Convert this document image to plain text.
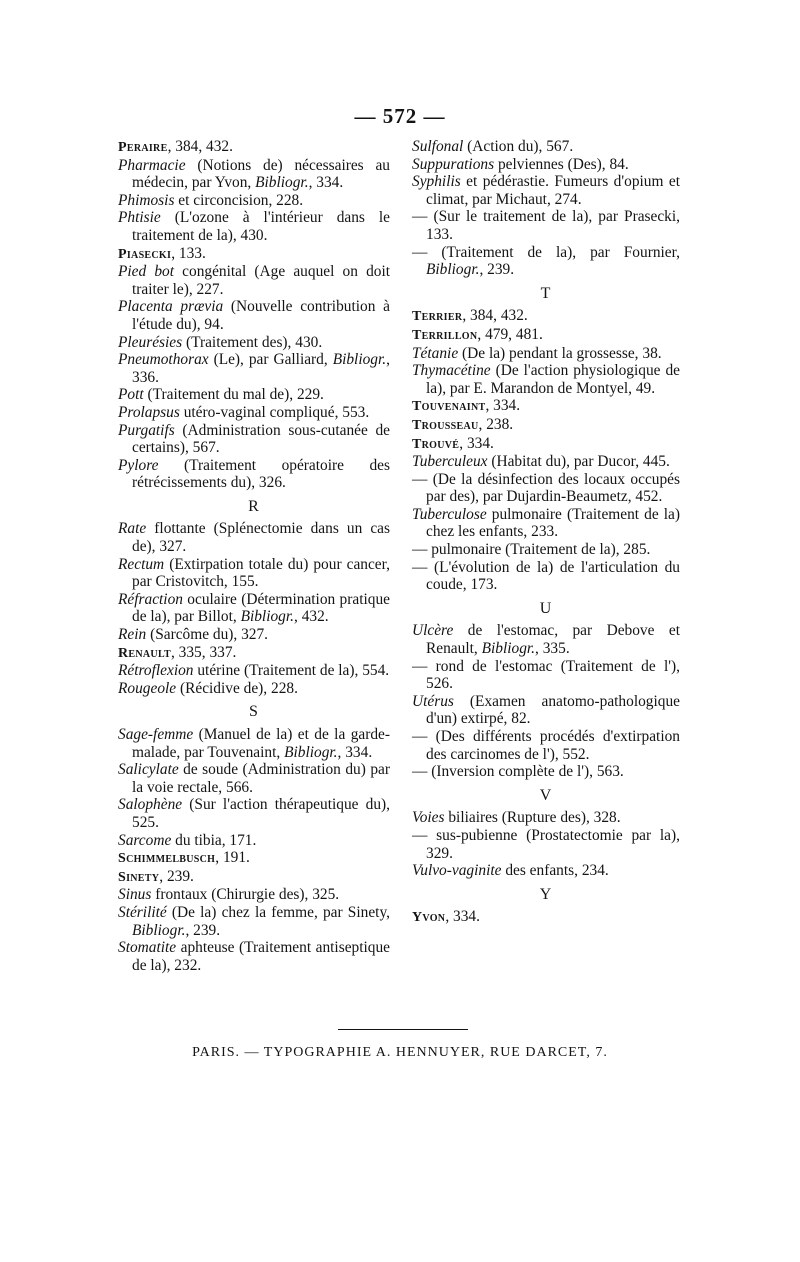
— 572 —
Peraire, 384, 432.
Pharmacie (Notions de) nécessaires au médecin, par Yvon, Bibliogr., 334.
Phimosis et circoncision, 228.
Phtisie (L'ozone à l'intérieur dans le traitement de la), 430.
Piasecki, 133.
Pied bot congénital (Age auquel on doit traiter le), 227.
Placenta prævia (Nouvelle contribution à l'étude du), 94.
Pleurésies (Traitement des), 430.
Pneumothorax (Le), par Galliard, Bibliogr., 336.
Pott (Traitement du mal de), 229.
Prolapsus utéro-vaginal compliqué, 553.
Purgatifs (Administration sous-cutanée de certains), 567.
Pylore (Traitement opératoire des rétrécissements du), 326.
R
Rate flottante (Splénectomie dans un cas de), 327.
Rectum (Extirpation totale du) pour cancer, par Cristovitch, 155.
Réfraction oculaire (Détermination pratique de la), par Billot, Bibliogr., 432.
Rein (Sarcôme du), 327.
Renault, 335, 337.
Rétroflexion utérine (Traitement de la), 554.
Rougeole (Récidive de), 228.
S
Sage-femme (Manuel de la) et de la garde-malade, par Touvenaint, Bibliogr., 334.
Salicylate de soude (Administration du) par la voie rectale, 566.
Salophène (Sur l'action thérapeutique du), 525.
Sarcome du tibia, 171.
Schimmelbusch, 191.
Sinety, 239.
Sinus frontaux (Chirurgie des), 325.
Stérilité (De la) chez la femme, par Sinety, Bibliogr., 239.
Stomatite aphteuse (Traitement antiseptique de la), 232.
Sulfonal (Action du), 567.
Suppurations pelviennes (Des), 84.
Syphilis et pédérastie. Fumeurs d'opium et climat, par Michaut, 274.
— (Sur le traitement de la), par Prasecki, 133.
— (Traitement de la), par Fournier, Bibliogr., 239.
T
Terrier, 384, 432.
Terrillon, 479, 481.
Tétanie (De la) pendant la grossesse, 38.
Thymacétine (De l'action physiologique de la), par E. Marandon de Montyel, 49.
Touvenaint, 334.
Trousseau, 238.
Trouvé, 334.
Tuberculeux (Habitat du), par Ducor, 445.
— (De la désinfection des locaux occupés par des), par Dujardin-Beaumetz, 452.
Tuberculose pulmonaire (Traitement de la) chez les enfants, 233.
— pulmonaire (Traitement de la), 285.
— (L'évolution de la) de l'articulation du coude, 173.
U
Ulcère de l'estomac, par Debove et Renault, Bibliogr., 335.
— rond de l'estomac (Traitement de l'), 526.
Utérus (Examen anatomo-pathologique d'un) extirpé, 82.
— (Des différents procédés d'extirpation des carcinomes de l'), 552.
— (Inversion complète de l'), 563.
V
Voies biliaires (Rupture des), 328.
— sus-pubienne (Prostatectomie par la), 329.
Vulvo-vaginite des enfants, 234.
Y
Yvon, 334.
PARIS. — TYPOGRAPHIE A. HENNUYER, RUE DARCET, 7.
